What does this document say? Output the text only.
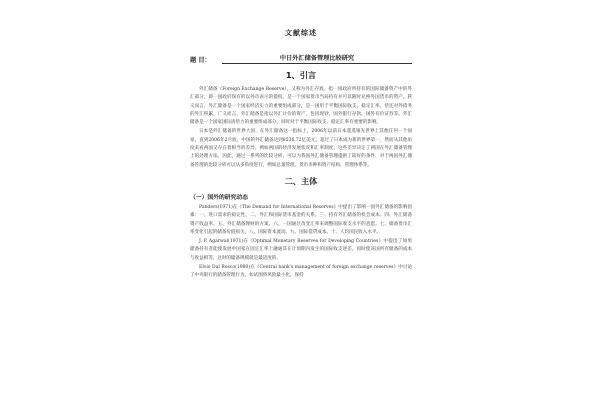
文献综述
题 目：	中日外汇储备管理比较研究
1、引言

外汇储备（Foreign Exchange Reserve），又称为外汇存底。指一国政府所持有的国际储备资产中的外汇部分，即一国政府保有的以外币表示的债权，是一个国家货币当局持有并可以随时兑换外国货币的资产。狭义而言，外汇储备是一个国家经济实力的重要组成部分，是一国用于平衡国际收支、稳定汇率、偿还对外债务的外汇积累。广义而言，外汇储备是指以外汇计价的资产，包括现钞、国外银行存款、国外有价证券等。外汇储备是一个国家国际清偿力的重要组成部分，同时对于平衡国际收支、稳定汇率有重要的影响。

日本是外汇储备的世界大国，在外汇储备这一指标上，2006年以前日本遥遥领先世界上其他任何一个国家，直到2006年2月底，中国的外汇储备达到8536.72亿美元，超过了日本成为新的世界第一，然而从其他角度来看两国又存在着相当的差异。例如两国的经济发展状况和汇率制度，这些差异决定了两国在外汇储备管理上的处理方法，因此，通过一系列的比较分析，可以为我国外汇储备管理提供了较好的条件，对于两国外汇储备管理的比较分析可以从多角度进行，例如总量管理、货币币种和资产结构、管理体系等。

二、主体
（一）国外的研究动态

Panders(1971)在《The Demand for International Reserves》中提出了影响一国外汇储备的影响因素：一、进口需求的稳定性。二、外汇和国际货币基金的关系。三、持有外汇储备的机会成本。四、外汇储备资产收益率。五、外汇储备理财的方案。六、一国通过改变汇率来调整国际收支水平的意愿。七、储备货币汇率变化引起的储备价值损失。八、国际资本流动。九、国际借贷成本。十、人均国民收入水平。

J. P. Agarwal(1971)在《Optimal Monetary Reserves for Developing Countries》中提出了如果储备持有者能使发展中国家在固定汇率上融通其在计划期内发生的国际收支逆差，同时使该国所有储备的成本与收益相等，这时的储备规模就是最适度的。

Elvio Dal Bosco(1980)在《Central bank's management of foreign exchange reserves》中讨论了中央银行的储备管理行为。如试图将风险最小化，保持
